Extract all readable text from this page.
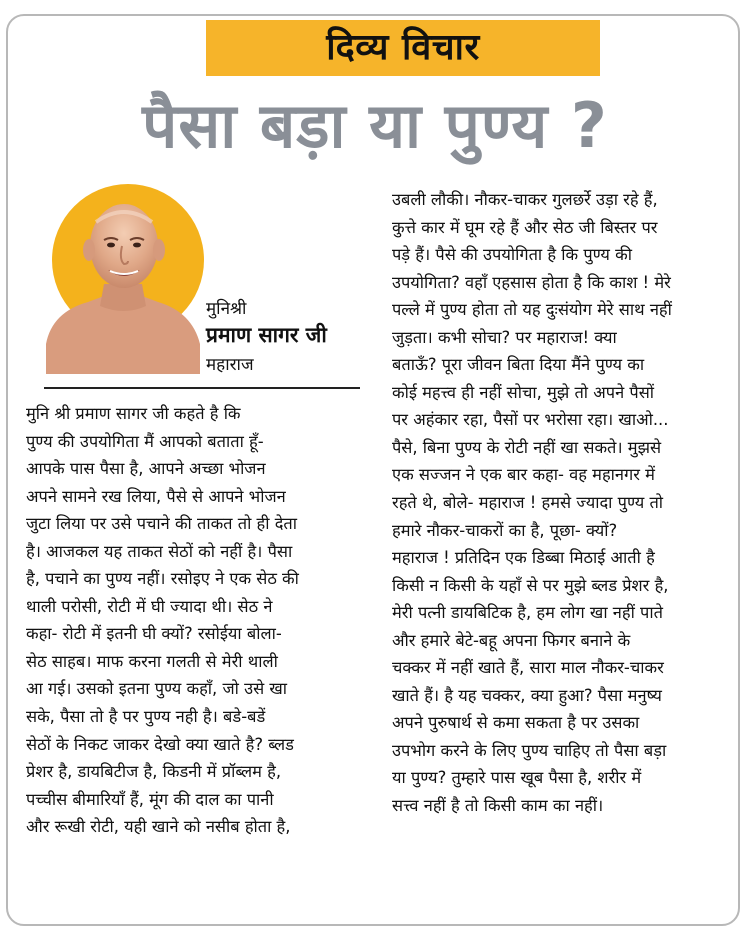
दिव्य विचार
पैसा बड़ा या पुण्य ?
मुनिश्री
प्रमाण सागर जी
महाराज
मुनि श्री प्रमाण सागर जी कहते है कि
पुण्य की उपयोगिता मैं आपको बताता हूँ-
आपके पास पैसा है, आपने अच्छा भोजन
अपने सामने रख लिया, पैसे से आपने भोजन
जुटा लिया पर उसे पचाने की ताकत तो ही देता
है। आजकल यह ताकत सेठों को नहीं है। पैसा
है, पचाने का पुण्य नहीं। रसोइए ने एक सेठ की
थाली परोसी, रोटी में घी ज्यादा थी। सेठ ने
कहा- रोटी में इतनी घी क्यों? रसोईया बोला-
सेठ साहब। माफ करना गलती से मेरी थाली
आ गई। उसको इतना पुण्य कहाँ, जो उसे खा
सके, पैसा तो है पर पुण्य नही है। बडे-बडें
सेठों के निकट जाकर देखो क्या खाते है? ब्लड
प्रेशर है, डायबिटीज है, किडनी में प्रॉब्लम है,
पच्चीस बीमारियाँ हैं, मूंग की दाल का पानी
और रूखी रोटी, यही खाने को नसीब होता है,
उबली लौकी। नौकर-चाकर गुलछर्रे उड़ा रहे हैं,
कुत्ते कार में घूम रहे हैं और सेठ जी बिस्तर पर
पड़े हैं। पैसे की उपयोगिता है कि पुण्य की
उपयोगिता? वहाँ एहसास होता है कि काश ! मेरे
पल्ले में पुण्य होता तो यह दुःसंयोग मेरे साथ नहीं
जुड़ता। कभी सोचा? पर महाराज! क्या
बताऊँ? पूरा जीवन बिता दिया मैंने पुण्य का
कोई महत्त्व ही नहीं सोचा, मुझे तो अपने पैसों
पर अहंकार रहा, पैसों पर भरोसा रहा। खाओ...
पैसे, बिना पुण्य के रोटी नहीं खा सकते। मुझसे
एक सज्जन ने एक बार कहा- वह महानगर में
रहते थे, बोले- महाराज ! हमसे ज्यादा पुण्य तो
हमारे नौकर-चाकरों का है, पूछा- क्यों?
महाराज ! प्रतिदिन एक डिब्बा मिठाई आती है
किसी न किसी के यहाँ से पर मुझे ब्लड प्रेशर है,
मेरी पत्नी डायबिटिक है, हम लोग खा नहीं पाते
और हमारे बेटे-बहू अपना फिगर बनाने के
चक्कर में नहीं खाते हैं, सारा माल नौकर-चाकर
खाते हैं। है यह चक्कर, क्या हुआ? पैसा मनुष्य
अपने पुरुषार्थ से कमा सकता है पर उसका
उपभोग करने के लिए पुण्य चाहिए तो पैसा बड़ा
या पुण्य? तुम्हारे पास खूब पैसा है, शरीर में
सत्त्व नहीं है तो किसी काम का नहीं।
